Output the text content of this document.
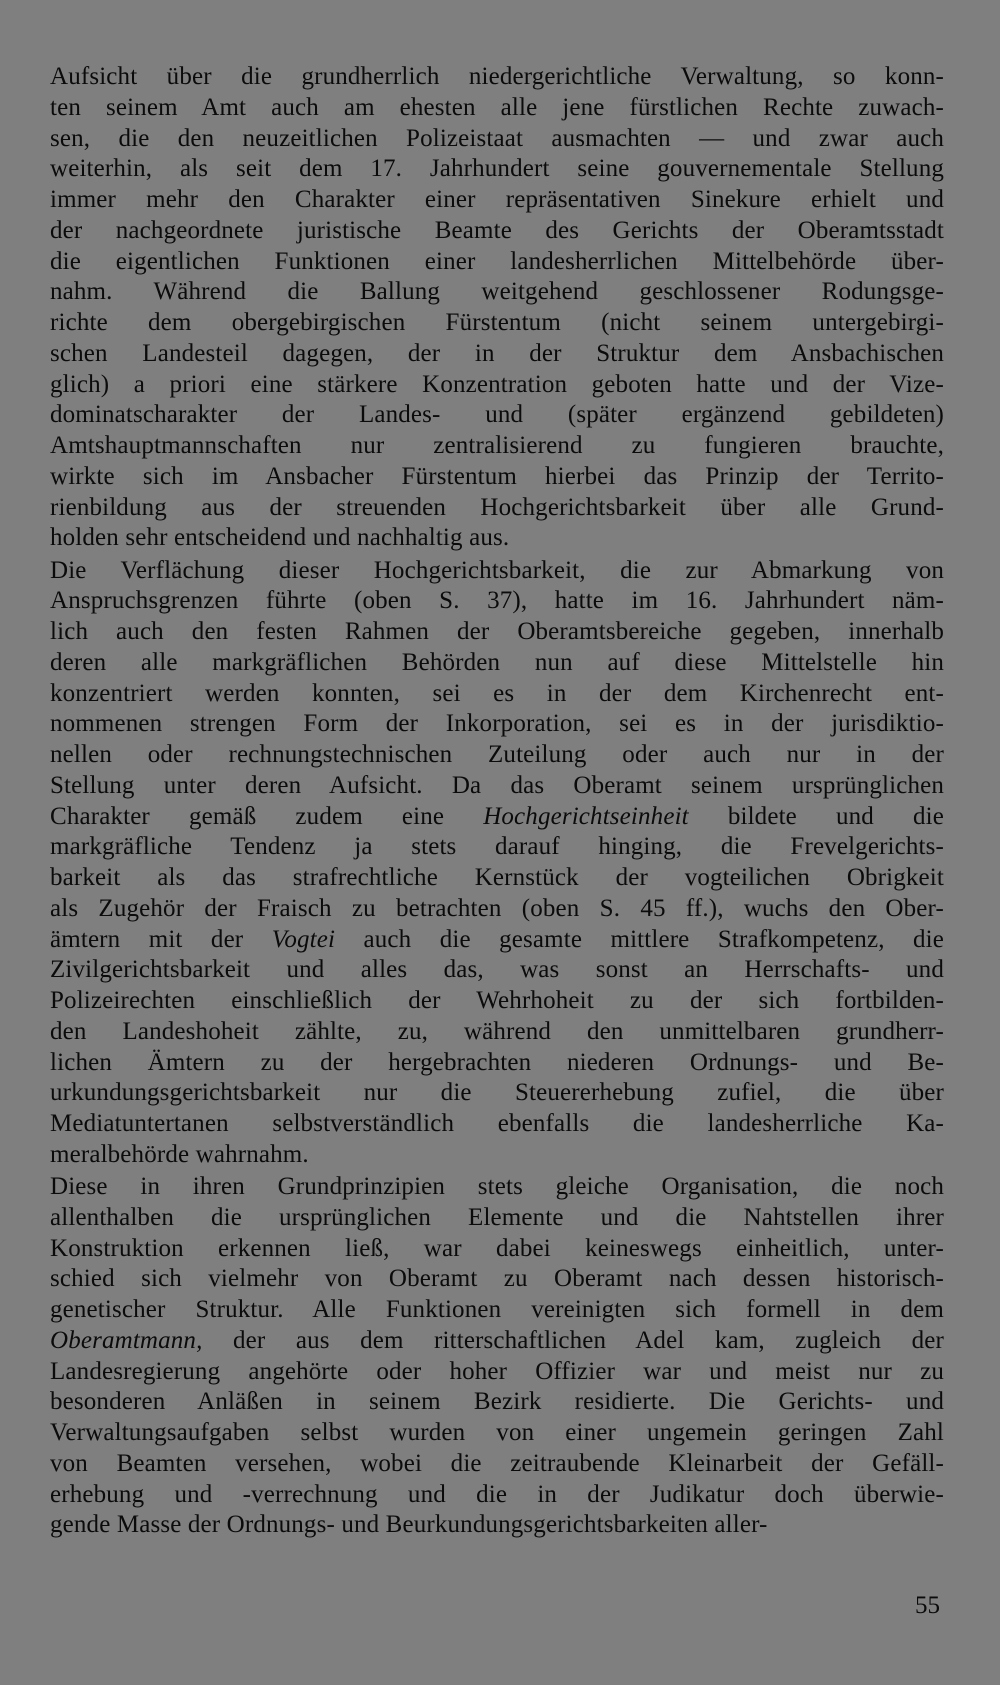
Aufsicht über die grundherrlich niedergerichtliche Verwaltung, so konn-
ten seinem Amt auch am ehesten alle jene fürstlichen Rechte zuwach-
sen, die den neuzeitlichen Polizeistaat ausmachten — und zwar auch
weiterhin, als seit dem 17. Jahrhundert seine gouvernementale Stellung
immer mehr den Charakter einer repräsentativen Sinekure erhielt und
der nachgeordnete juristische Beamte des Gerichts der Oberamtsstadt
die eigentlichen Funktionen einer landesherrlichen Mittelbehörde über-
nahm. Während die Ballung weitgehend geschlossener Rodungsge-
richte dem obergebirgischen Fürstentum (nicht seinem untergebirgi-
schen Landesteil dagegen, der in der Struktur dem Ansbachischen
glich) a priori eine stärkere Konzentration geboten hatte und der Vize-
dominatscharakter der Landes- und (später ergänzend gebildeten)
Amtshauptmannschaften nur zentralisierend zu fungieren brauchte,
wirkte sich im Ansbacher Fürstentum hierbei das Prinzip der Territo-
rienbildung aus der streuenden Hochgerichtsbarkeit über alle Grund-
holden sehr entscheidend und nachhaltig aus.
Die Verflächung dieser Hochgerichtsbarkeit, die zur Abmarkung von
Anspruchsgrenzen führte (oben S. 37), hatte im 16. Jahrhundert näm-
lich auch den festen Rahmen der Oberamtsbereiche gegeben, innerhalb
deren alle markgräflichen Behörden nun auf diese Mittelstelle hin
konzentriert werden konnten, sei es in der dem Kirchenrecht ent-
nommenen strengen Form der Inkorporation, sei es in der jurisdiktio-
nellen oder rechnungstechnischen Zuteilung oder auch nur in der
Stellung unter deren Aufsicht. Da das Oberamt seinem ursprünglichen
Charakter gemäß zudem eine Hochgerichtseinheit bildete und die
markgräfliche Tendenz ja stets darauf hinging, die Frevelgerichts-
barkeit als das strafrechtliche Kernstück der vogteilichen Obrigkeit
als Zugehör der Fraisch zu betrachten (oben S. 45 ff.), wuchs den Ober-
ämtern mit der Vogtei auch die gesamte mittlere Strafkompetenz, die
Zivilgerichtsbarkeit und alles das, was sonst an Herrschafts- und
Polizeirechten einschließlich der Wehrhoheit zu der sich fortbilden-
den Landeshoheit zählte, zu, während den unmittelbaren grundherr-
lichen Ämtern zu der hergebrachten niederen Ordnungs- und Be-
urkundungsgerichtsbarkeit nur die Steuererhebung zufiel, die über
Mediatuntertanen selbstverständlich ebenfalls die landesherrliche Ka-
meralbehörde wahrnahm.
Diese in ihren Grundprinzipien stets gleiche Organisation, die noch
allenthalben die ursprünglichen Elemente und die Nahtstellen ihrer
Konstruktion erkennen ließ, war dabei keineswegs einheitlich, unter-
schied sich vielmehr von Oberamt zu Oberamt nach dessen historisch-
genetischer Struktur. Alle Funktionen vereinigten sich formell in dem
Oberamtmann, der aus dem ritterschaftlichen Adel kam, zugleich der
Landesregierung angehörte oder hoher Offizier war und meist nur zu
besonderen Anläßen in seinem Bezirk residierte. Die Gerichts- und
Verwaltungsaufgaben selbst wurden von einer ungemein geringen Zahl
von Beamten versehen, wobei die zeitraubende Kleinarbeit der Gefäll-
erhebung und -verrechnung und die in der Judikatur doch überwie-
gende Masse der Ordnungs- und Beurkundungsgerichtsbarkeiten aller-
55
